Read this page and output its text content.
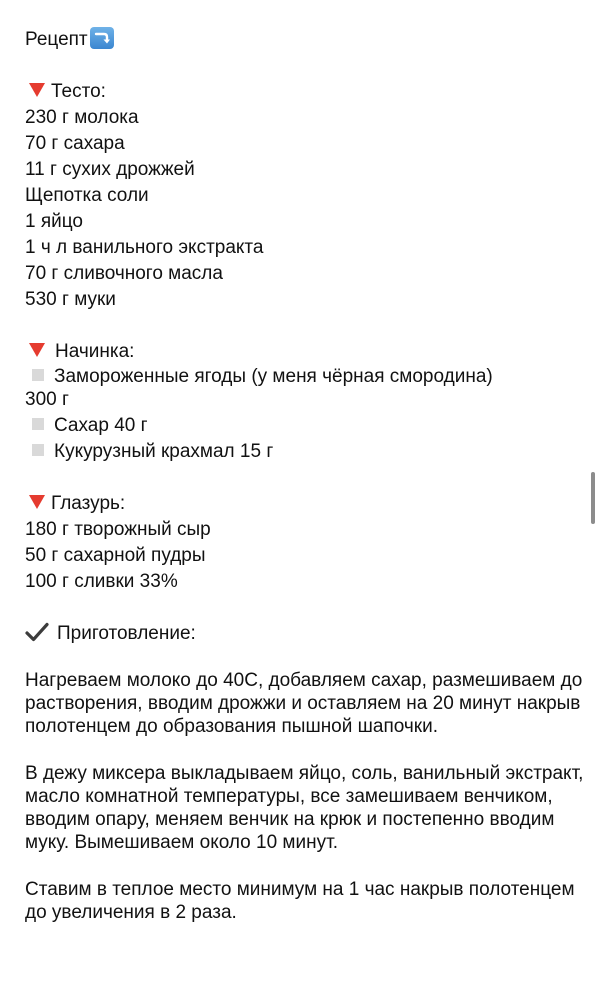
Рецепт
Тесто:
230 г молока
70 г сахара
11 г сухих дрожжей
Щепотка соли
1 яйцо
1 ч л ванильного экстракта
70 г сливочного масла
530 г муки
Начинка:
Замороженные ягоды (у меня чёрная смородина)
300 г
Сахар 40 г
Кукурузный крахмал 15 г
Глазурь:
180 г творожный сыр
50 г сахарной пудры
100 г сливки 33%
Приготовление:
Нагреваем молоко до 40С, добавляем сахар, размешиваем до растворения, вводим дрожжи и оставляем на 20 минут накрыв полотенцем до образования пышной шапочки.
В дежу миксера выкладываем яйцо, соль, ванильный экстракт, масло комнатной температуры, все замешиваем венчиком, вводим опару, меняем венчик на крюк и постепенно вводим муку. Вымешиваем около 10 минут.
Ставим в теплое место минимум на 1 час накрыв полотенцем до увеличения в 2 раза.
